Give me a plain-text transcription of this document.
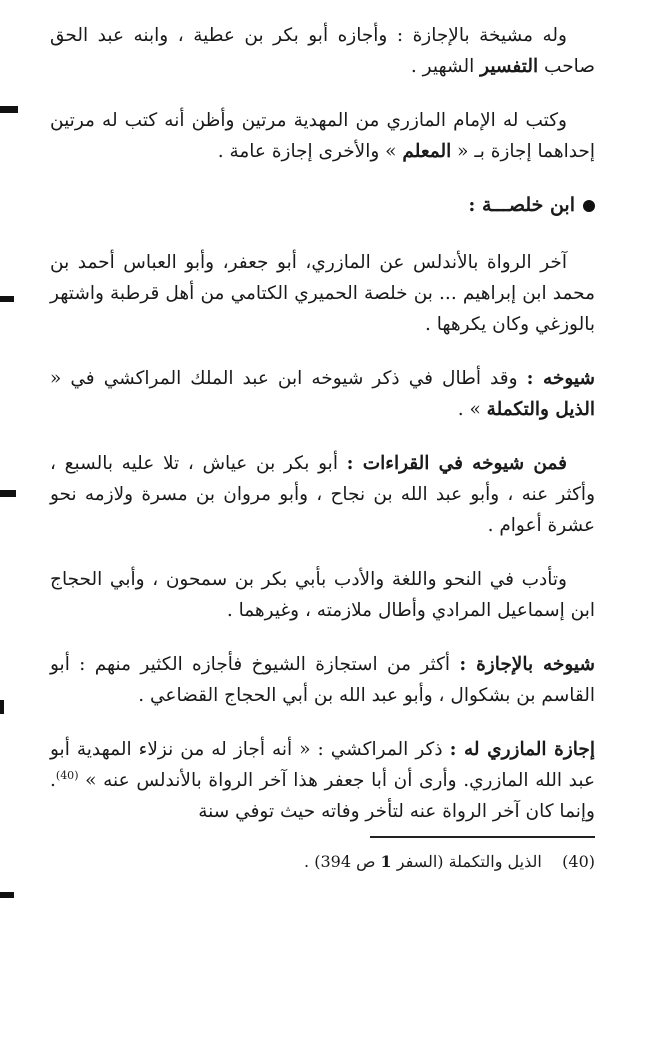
وله مشيخة بالإجازة : وأجازه أبو بكر بن عطية ، وابنه عبد الحق صاحب التفسير الشهير .

وكتب له الإمام المازري من المهدية مرتين وأظن أنه كتب له مرتين إحداهما إجازة بـ « المعلم » والأخرى إجازة عامة .

ابن خلصـــة :

آخر الرواة بالأندلس عن المازري، أبو جعفر، وأبو العباس أحمد بن محمد ابن إبراهيم ... بن خلصة الحميري الكتامي من أهل قرطبة واشتهر بالوزغي وكان يكرهها .

شيوخه : وقد أطال في ذكر شيوخه ابن عبد الملك المراكشي في « الذيل والتكملة » .

فمن شيوخه في القراءات : أبو بكر بن عياش ، تلا عليه بالسبع ، وأكثر عنه ، وأبو عبد الله بن نجاح ، وأبو مروان بن مسرة ولازمه نحو عشرة أعوام .

وتأدب في النحو واللغة والأدب بأبي بكر بن سمحون ، وأبي الحجاج ابن إسماعيل المرادي وأطال ملازمته ، وغيرهما .

شيوخه بالإجازة : أكثر من استجازة الشيوخ فأجازه الكثير منهم : أبو القاسم بن بشكوال ، وأبو عبد الله بن أبي الحجاج القضاعي .

إجازة المازري له : ذكر المراكشي : « أنه أجاز له من نزلاء المهدية أبو عبد الله المازري. وأرى أن أبا جعفر هذا آخر الرواة بالأندلس عنه » $^{(40)}$. وإنما كان آخر الرواة عنه لتأخر وفاته حيث توفي سنة

(40)    الذيل والتكملة (السفر 1 ص 394) .
